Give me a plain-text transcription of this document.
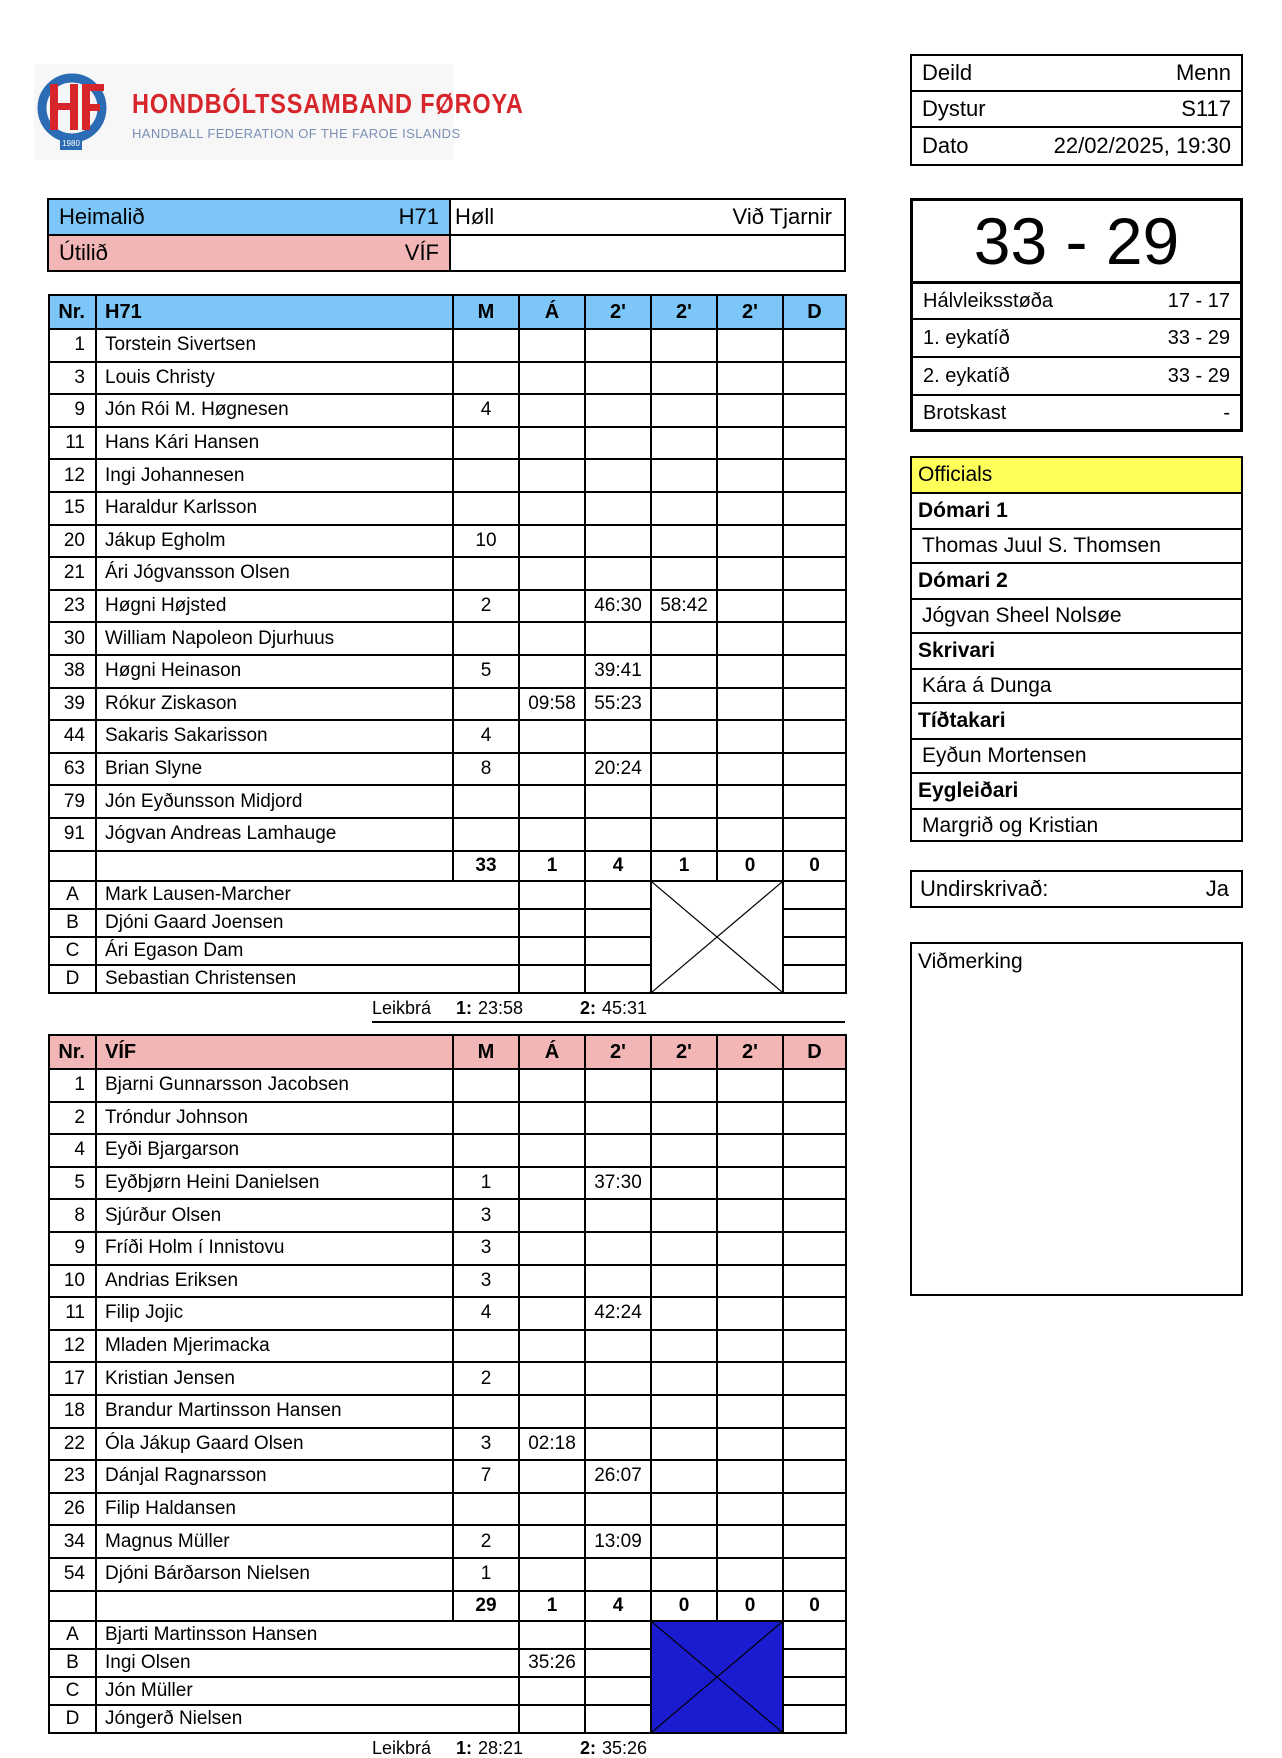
1980
HONDBÓLTSSAMBAND FØROYA
HANDBALL FEDERATION OF THE FAROE ISLANDS
Deild	Menn
Dystur	S117
Dato	22/02/2025, 19:30
Heimalið	H71
Útilið	VÍF
Høll	Við Tjarnir	33 - 29
Hálvleiksstøða	17 - 17
1. eykatíð	33 - 29
2. eykatíð	33 - 29
Brotskast	-
Officials
Dómari 1
Thomas Juul S. Thomsen
Dómari 2
Jógvan Sheel Nolsøe
Skrivari
Kára á Dunga
Tíðtakari
Eyðun Mortensen
Eygleiðari
Margrið og Kristian
Undirskrivað:	Ja
Viðmerking
Nr.	H71	M	Á	2'	2'	2'	D
1	Torstein Sivertsen						
3	Louis Christy						
9	Jón Rói M. Høgnesen	4					
11	Hans Kári Hansen						
12	Ingi Johannesen						
15	Haraldur Karlsson						
20	Jákup Egholm	10					
21	Ári Jógvansson Olsen						
23	Høgni Højsted	2		46:30	58:42		
30	William Napoleon Djurhuus						
38	Høgni Heinason	5		39:41			
39	Rókur Ziskason		09:58	55:23			
44	Sakaris Sakarisson	4					
63	Brian Slyne	8		20:24			
79	Jón Eyðunsson Midjord						
91	Jógvan Andreas Lamhauge						
		33	1	4	1	0	0
A	Mark Lausen-Marcher			

B	Djóni Gaard Joensen						
C	Ári Egason Dam						
D	Sebastian Christensen						
Leikbrá 1: 23:58	2: 45:31
Nr.	VÍF	M	Á	2'	2'	2'	D
1	Bjarni Gunnarsson Jacobsen						
2	Tróndur Johnson						
4	Eyði Bjargarson						
5	Eyðbjørn Heini Danielsen	1		37:30			
8	Sjúrður Olsen	3					
9	Fríði Holm í Innistovu	3					
10	Andrias Eriksen	3					
11	Filip Jojic	4		42:24			
12	Mladen Mjerimacka						
17	Kristian Jensen	2					
18	Brandur Martinsson Hansen						
22	Óla Jákup Gaard Olsen	3	02:18				
23	Dánjal Ragnarsson	7		26:07			
26	Filip Haldansen						
34	Magnus Müller	2		13:09			
54	Djóni Bárðarson Nielsen	1					
		29	1	4	0	0	0
A	Bjarti Martinsson Hansen			

B	Ingi Olsen		35:26				
C	Jón Müller						
D	Jóngerð Nielsen						
Leikbrá 1: 28:21	2: 35:26
